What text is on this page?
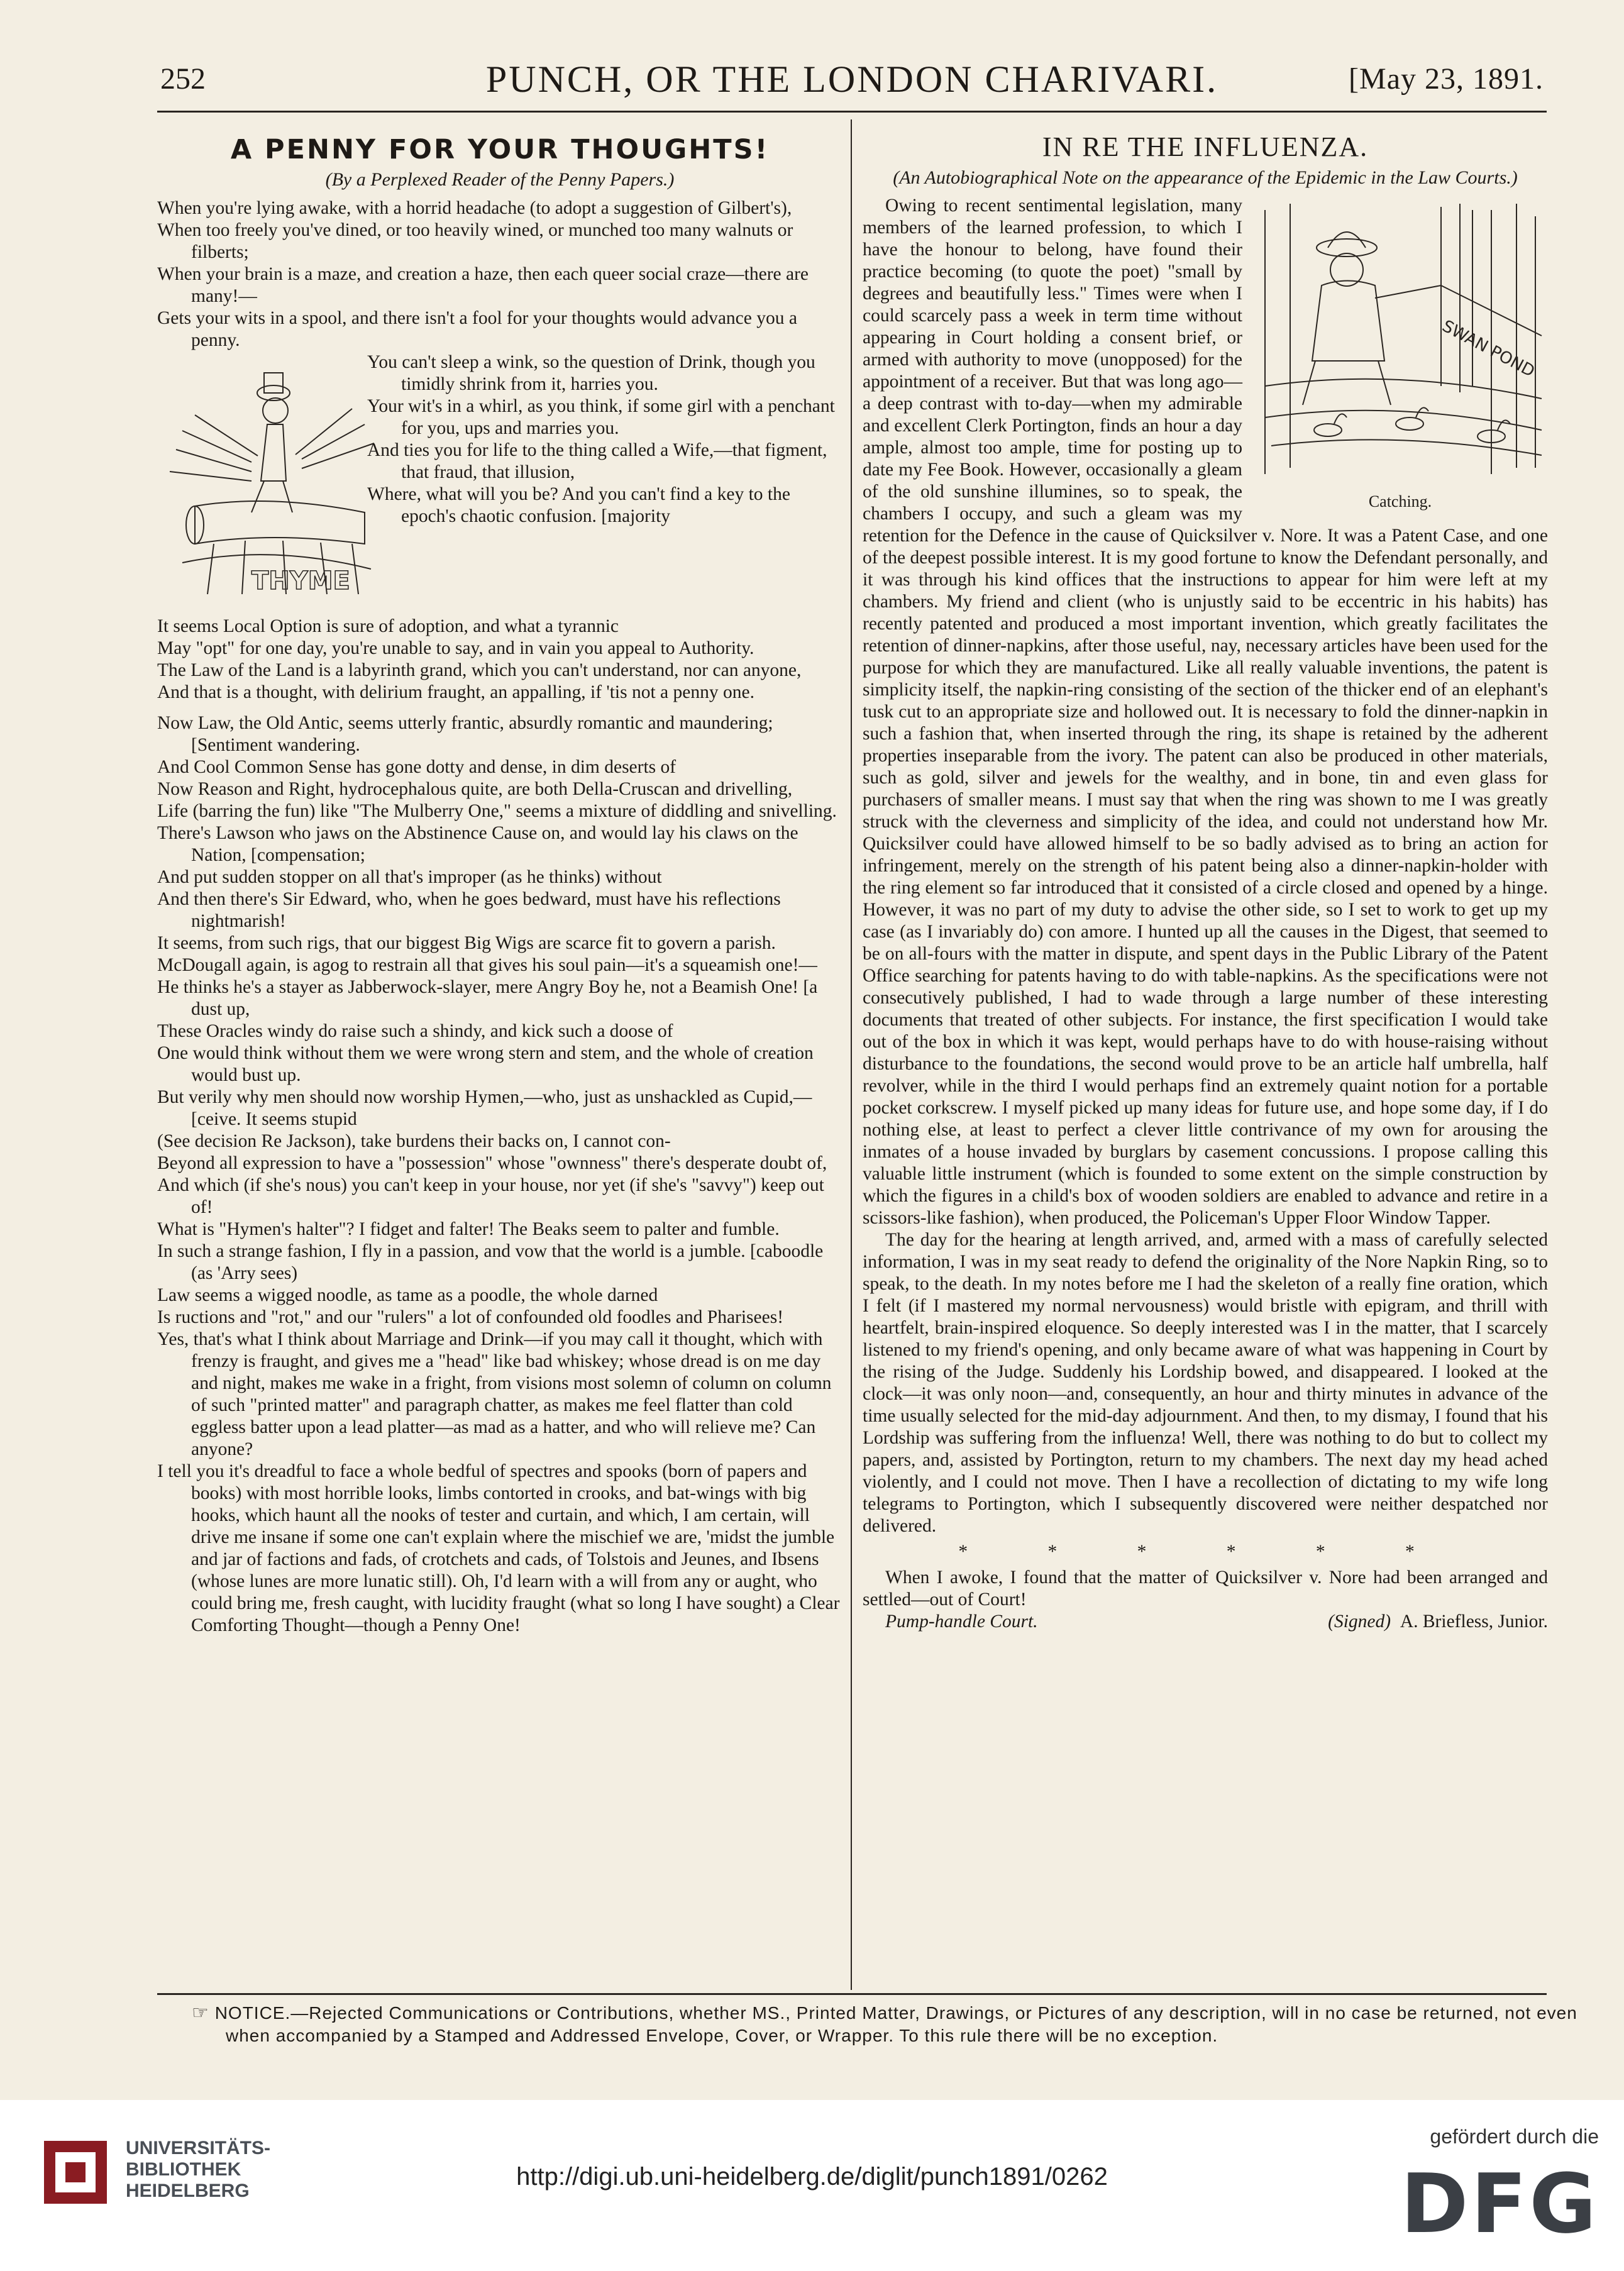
252	PUNCH, OR THE LONDON CHARIVARI.	[May 23, 1891.
A PENNY FOR YOUR THOUGHTS!
(By a Perplexed Reader of the Penny Papers.)
When you're lying awake, with a horrid headache (to adopt a suggestion of Gilbert's),
When too freely you've dined, or too heavily wined, or munched too many walnuts or filberts;
When your brain is a maze, and creation a haze, then each queer social craze—there are many!—
Gets your wits in a spool, and there isn't a fool for your thoughts would advance you a penny.
THYME
You can't sleep a wink, so the question of Drink, though you timidly shrink from it, harries you.
Your wit's in a whirl, as you think, if some girl with a penchant for you, ups and marries you.
And ties you for life to the thing called a Wife,—that figment, that fraud, that illusion,
Where, what will you be? And you can't find a key to the epoch's chaotic confusion. [majority
It seems Local Option is sure of adoption, and what a tyrannic
May "opt" for one day, you're unable to say, and in vain you appeal to Authority.
The Law of the Land is a labyrinth grand, which you can't understand, nor can anyone,
And that is a thought, with delirium fraught, an appalling, if 'tis not a penny one.
Now Law, the Old Antic, seems utterly frantic, absurdly romantic and maundering; [Sentiment wandering.
And Cool Common Sense has gone dotty and dense, in dim deserts of
Now Reason and Right, hydrocephalous quite, are both Della-Cruscan and drivelling,
Life (barring the fun) like "The Mulberry One," seems a mixture of diddling and snivelling.
There's Lawson who jaws on the Abstinence Cause on, and would lay his claws on the Nation, [compensation;
And put sudden stopper on all that's improper (as he thinks) without
And then there's Sir Edward, who, when he goes bedward, must have his reflections nightmarish!
It seems, from such rigs, that our biggest Big Wigs are scarce fit to govern a parish.
McDougall again, is agog to restrain all that gives his soul pain—it's a squeamish one!—
He thinks he's a stayer as Jabberwock-slayer, mere Angry Boy he, not a Beamish One! [a dust up,
These Oracles windy do raise such a shindy, and kick such a doose of
One would think without them we were wrong stern and stem, and the whole of creation would bust up.
But verily why men should now worship Hymen,—who, just as unshackled as Cupid,— [ceive. It seems stupid
(See decision Re Jackson), take burdens their backs on, I cannot con-
Beyond all expression to have a "possession" whose "ownness" there's desperate doubt of,
And which (if she's nous) you can't keep in your house, nor yet (if she's "savvy") keep out of!
What is "Hymen's halter"? I fidget and falter! The Beaks seem to palter and fumble.
In such a strange fashion, I fly in a passion, and vow that the world is a jumble. [caboodle (as 'Arry sees)
Law seems a wigged noodle, as tame as a poodle, the whole darned
Is ructions and "rot," and our "rulers" a lot of confounded old foodles and Pharisees!
Yes, that's what I think about Marriage and Drink—if you may call it thought, which with frenzy is fraught, and gives me a "head" like bad whiskey; whose dread is on me day and night, makes me wake in a fright, from visions most solemn of column on column of such "printed matter" and paragraph chatter, as makes me feel flatter than cold eggless batter upon a lead platter—as mad as a hatter, and who will relieve me? Can anyone?
I tell you it's dreadful to face a whole bedful of spectres and spooks (born of papers and books) with most horrible looks, limbs contorted in crooks, and bat-wings with big hooks, which haunt all the nooks of tester and curtain, and which, I am certain, will drive me insane if some one can't explain where the mischief we are, 'midst the jumble and jar of factions and fads, of crotchets and cads, of Tolstois and Jeunes, and Ibsens (whose lunes are more lunatic still). Oh, I'd learn with a will from any or aught, who could bring me, fresh caught, with lucidity fraught (what so long I have sought) a Clear Comforting Thought—though a Penny One!
IN RE THE INFLUENZA.
(An Autobiographical Note on the appearance of the Epidemic in the Law Courts.)
SWAN POND
Catching.

Owing to recent sentimental legislation, many members of the learned profession, to which I have the honour to belong, have found their practice becoming (to quote the poet) "small by degrees and beautifully less." Times were when I could scarcely pass a week in term time without appearing in Court holding a consent brief, or armed with authority to move (unopposed) for the appointment of a receiver. But that was long ago—a deep contrast with to-day—when my admirable and excellent Clerk Portington, finds an hour a day ample, almost too ample, time for posting up to date my Fee Book. However, occasionally a gleam of the old sunshine illumines, so to speak, the chambers I occupy, and such a gleam was my retention for the Defence in the cause of Quicksilver v. Nore. It was a Patent Case, and one of the deepest possible interest. It is my good fortune to know the Defendant personally, and it was through his kind offices that the instructions to appear for him were left at my chambers. My friend and client (who is unjustly said to be eccentric in his habits) has recently patented and produced a most important invention, which greatly facilitates the retention of dinner-napkins, after those useful, nay, necessary articles have been used for the purpose for which they are manufactured. Like all really valuable inventions, the patent is simplicity itself, the napkin-ring consisting of the section of the thicker end of an elephant's tusk cut to an appropriate size and hollowed out. It is necessary to fold the dinner-napkin in such a fashion that, when inserted through the ring, its shape is retained by the adherent properties inseparable from the ivory. The patent can also be produced in other materials, such as gold, silver and jewels for the wealthy, and in bone, tin and even glass for purchasers of smaller means. I must say that when the ring was shown to me I was greatly struck with the cleverness and simplicity of the idea, and could not understand how Mr. Quicksilver could have allowed himself to be so badly advised as to bring an action for infringement, merely on the strength of his patent being also a dinner-napkin-holder with the ring element so far introduced that it consisted of a circle closed and opened by a hinge. However, it was no part of my duty to advise the other side, so I set to work to get up my case (as I invariably do) con amore. I hunted up all the causes in the Digest, that seemed to be on all-fours with the matter in dispute, and spent days in the Public Library of the Patent Office searching for patents having to do with table-napkins. As the specifications were not consecutively published, I had to wade through a large number of these interesting documents that treated of other subjects. For instance, the first specification I would take out of the box in which it was kept, would perhaps have to do with house-raising without disturbance to the foundations, the second would prove to be an article half umbrella, half revolver, while in the third I would perhaps find an extremely quaint notion for a portable pocket corkscrew. I myself picked up many ideas for future use, and hope some day, if I do nothing else, at least to perfect a clever little contrivance of my own for arousing the inmates of a house invaded by burglars by casement concussions. I propose calling this valuable little instrument (which is founded to some extent on the simple construction by which the figures in a child's box of wooden soldiers are enabled to advance and retire in a scissors-like fashion), when produced, the Policeman's Upper Floor Window Tapper.

The day for the hearing at length arrived, and, armed with a mass of carefully selected information, I was in my seat ready to defend the originality of the Nore Napkin Ring, so to speak, to the death. In my notes before me I had the skeleton of a really fine oration, which I felt (if I mastered my normal nervousness) would bristle with epigram, and thrill with heartfelt, brain-inspired eloquence. So deeply interested was I in the matter, that I scarcely listened to my friend's opening, and only became aware of what was happening in Court by the rising of the Judge. Suddenly his Lordship bowed, and disappeared. I looked at the clock—it was only noon—and, consequently, an hour and thirty minutes in advance of the time usually selected for the mid-day adjournment. And then, to my dismay, I found that his Lordship was suffering from the influenza! Well, there was nothing to do but to collect my papers, and, assisted by Portington, return to my chambers. The next day my head ached violently, and I could not move. Then I have a recollection of dictating to my wife long telegrams to Portington, which I subsequently discovered were neither despatched nor delivered.

* * * * * *

When I awoke, I found that the matter of Quicksilver v. Nore had been arranged and settled—out of Court!

Pump-handle Court.	(Signed) A. Briefless, Junior.
☞ NOTICE.—Rejected Communications or Contributions, whether MS., Printed Matter, Drawings, or Pictures of any description, will in no case be returned, not even when accompanied by a Stamped and Addressed Envelope, Cover, or Wrapper. To this rule there will be no exception.
UNIVERSITÄTS-
BIBLIOTHEK
HEIDELBERG
http://digi.ub.uni-heidelberg.de/diglit/punch1891/0262
gefördert durch die
DFG
